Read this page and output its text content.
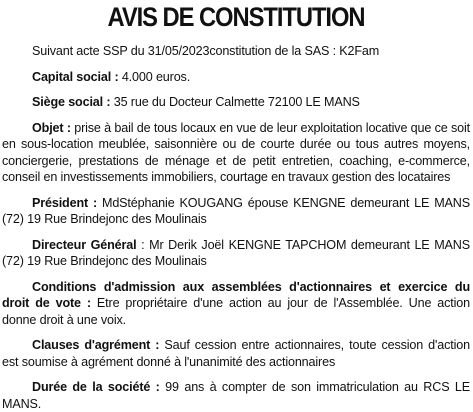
AVIS DE CONSTITUTION

Suivant acte SSP du 31/05/2023constitution de la SAS : K2Fam

Capital social : 4.000 euros.

Siège social : 35 rue du Docteur Calmette 72100 LE MANS

Objet : prise à bail de tous locaux en vue de leur exploitation locative que ce soit en sous-location meublée, saisonnière ou de courte durée ou tous autres moyens, conciergerie, prestations de ménage et de petit entretien, coaching, e-commerce, conseil en investissements immobiliers, courtage en travaux gestion des locataires

Président : MdStéphanie KOUGANG épouse KENGNE demeurant LE MANS (72) 19 Rue Brindejonc des Moulinais

Directeur Général : Mr Derik Joël KENGNE TAPCHOM demeurant LE MANS (72) 19 Rue Brindejonc des Moulinais

Conditions d'admission aux assemblées d'actionnaires et exercice du droit de vote : Etre propriétaire d'une action au jour de l'Assemblée. Une action donne droit à une voix.

Clauses d'agrément : Sauf cession entre actionnaires, toute cession d'action est soumise à agrément donné à l'unanimité des actionnaires

Durée de la société : 99 ans à compter de son immatriculation au RCS LE MANS.
